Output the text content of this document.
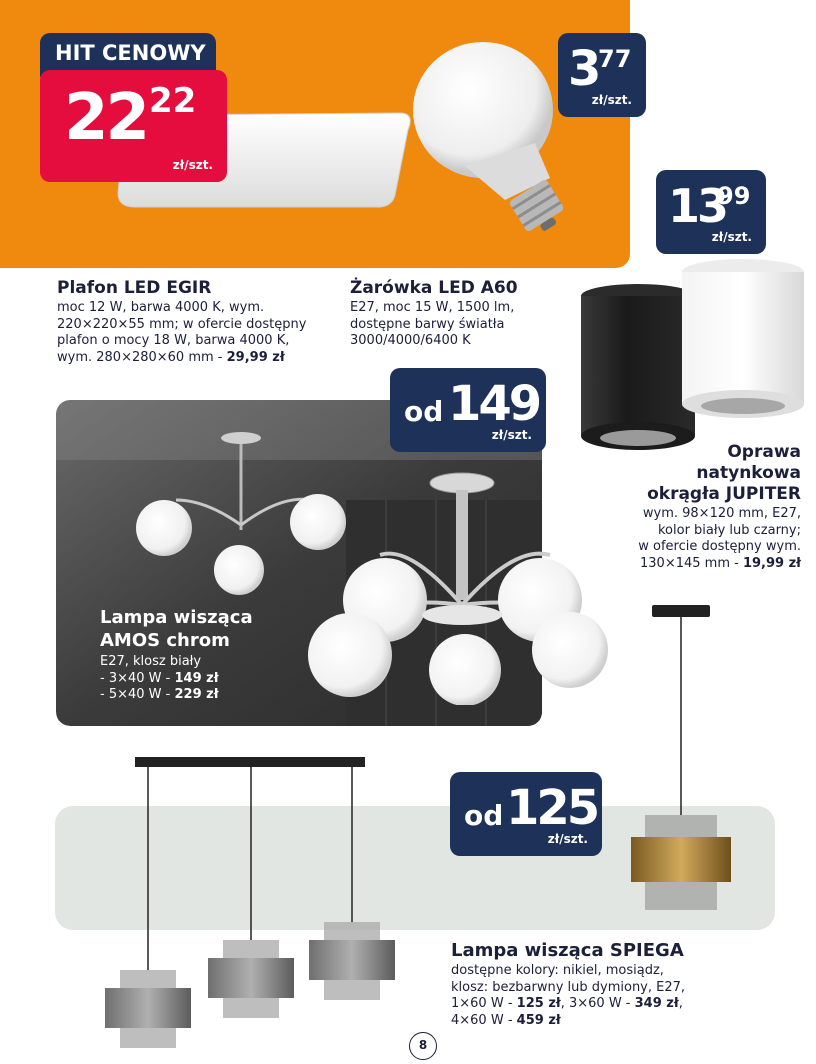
HIT CENOWY
22 22
zł/szt.
3 77
zł/szt.
13
99
zł/szt.
Plafon LED EGIR
moc 12 W, barwa 4000 K, wym.
220×220×55 mm; w ofercie dostępny
plafon o mocy 18 W, barwa 4000 K,
wym. 280×280×60 mm - 29,99 zł
Żarówka LED A60
E27, moc 15 W, 1500 lm,
dostępne barwy światła
3000/4000/6400 K
Oprawa
natynkowa
okrągła JUPITER
wym. 98×120 mm, E27,
kolor biały lub czarny;
w ofercie dostępny wym.
130×145 mm - 19,99 zł
od 149
zł/szt.
Lampa wisząca
AMOS chrom
E27, klosz biały
- 3×40 W - 149 zł
- 5×40 W - 229 zł
od 125
zł/szt.
Lampa wisząca SPIEGA
dostępne kolory: nikiel, mosiądz,
klosz: bezbarwny lub dymiony, E27,
1×60 W - 125 zł, 3×60 W - 349 zł,
4×60 W - 459 zł
8
